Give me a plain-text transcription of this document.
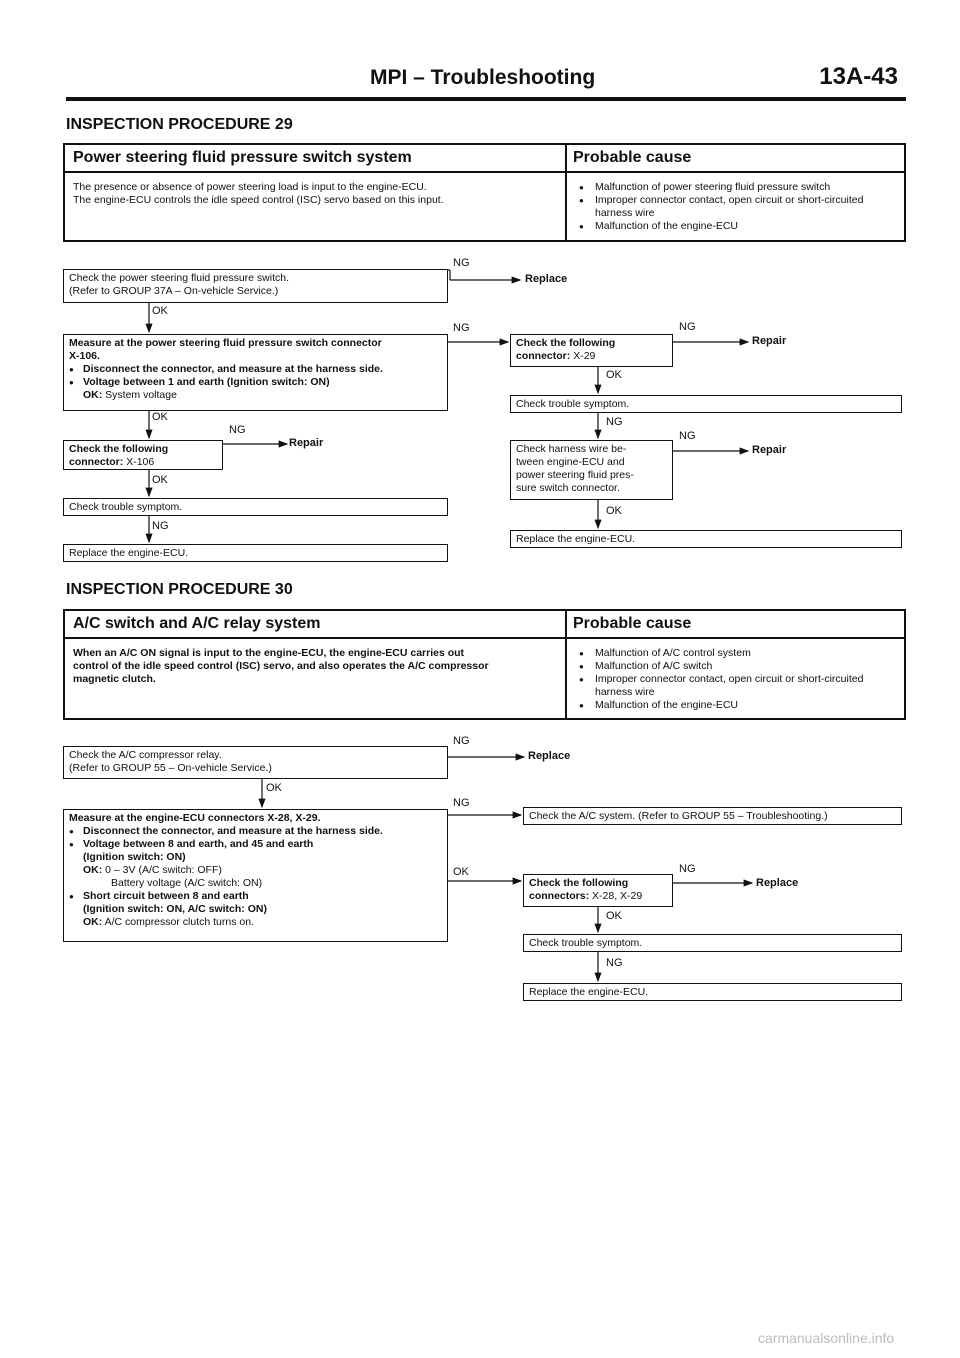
MPI – Troubleshooting	13A-43
INSPECTION PROCEDURE 29
Power steering fluid pressure switch system	Probable cause
The presence or absence of power steering load is input to the engine-ECU.
The engine-ECU controls the idle speed control (ISC) servo based on this input.
● Malfunction of power steering fluid pressure switch
● Improper connector contact, open circuit or short-circuited harness wire
● Malfunction of the engine-ECU
Check the power steering fluid pressure switch.
(Refer to GROUP 37A – On-vehicle Service.)
Measure at the power steering fluid pressure switch connector
X-106.
● Disconnect the connector, and measure at the harness side.
● Voltage between 1 and earth (Ignition switch: ON)
OK: System voltage
Check the following
connector: X-106
Check trouble symptom.
Replace the engine-ECU.
Check the following
connector: X-29
Check trouble symptom.
Check harness wire be-
tween engine-ECU and
power steering fluid pres-
sure switch connector.
Replace the engine-ECU.
Replace
Repair
Repair
Repair
OK
OK
OK
NG
NG
NG
NG
NG
OK
NG
NG
OK
INSPECTION PROCEDURE 30
A/C switch and A/C relay system	Probable cause
When an A/C ON signal is input to the engine-ECU, the engine-ECU carries out
control of the idle speed control (ISC) servo, and also operates the A/C compressor
magnetic clutch.
● Malfunction of A/C control system
● Malfunction of A/C switch
● Improper connector contact, open circuit or short-circuited harness wire
● Malfunction of the engine-ECU
Check the A/C compressor relay.
(Refer to GROUP 55 – On-vehicle Service.)
Measure at the engine-ECU connectors X-28, X-29.
● Disconnect the connector, and measure at the harness side.
● Voltage between 8 and earth, and 45 and earth
(Ignition switch: ON)
OK: 0 – 3V (A/C switch: OFF)
Battery voltage (A/C switch: ON)
● Short circuit between 8 and earth
(Ignition switch: ON, A/C switch: ON)
OK: A/C compressor clutch turns on.
Check the A/C system. (Refer to GROUP 55 – Troubleshooting.)
Check the following
connectors: X-28, X-29
Check trouble symptom.
Replace the engine-ECU.
Replace
Replace
OK
NG
NG
OK	NG
OK
NG
carmanualsonline.info
